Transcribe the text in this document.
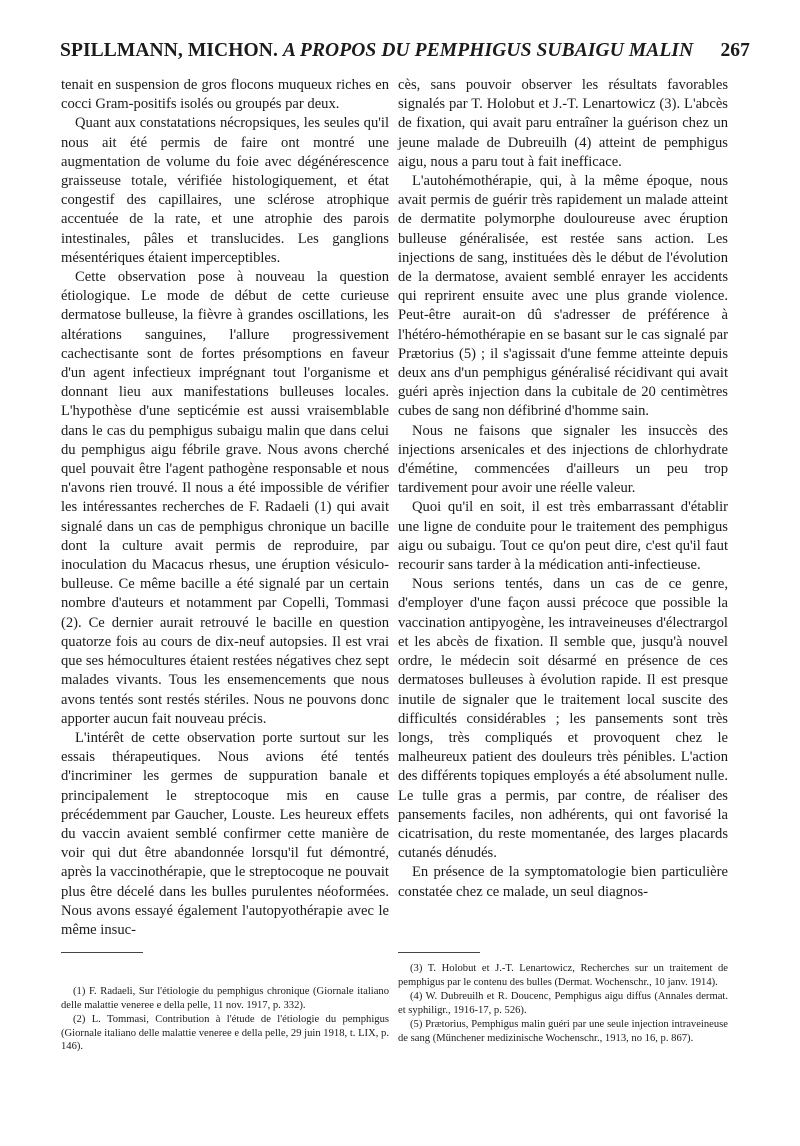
SPILLMANN, MICHON. A PROPOS DU PEMPHIGUS SUBAIGU MALIN 267

tenait en suspension de gros flocons muqueux riches en cocci Gram-positifs isolés ou groupés par deux.

Quant aux constatations nécropsiques, les seules qu'il nous ait été permis de faire ont montré une augmentation de volume du foie avec dégénérescence graisseuse totale, vérifiée histologiquement, et état congestif des capillaires, une sclérose atrophique accentuée de la rate, et une atrophie des parois intestinales, pâles et translucides. Les ganglions mésentériques étaient imperceptibles.

Cette observation pose à nouveau la question étiologique. Le mode de début de cette curieuse dermatose bulleuse, la fièvre à grandes oscillations, les altérations sanguines, l'allure progressivement cachectisante sont de fortes présomptions en faveur d'un agent infectieux imprégnant tout l'organisme et donnant lieu aux manifestations bulleuses locales. L'hypothèse d'une septicémie est aussi vraisemblable dans le cas du pemphigus subaigu malin que dans celui du pemphigus aigu fébrile grave. Nous avons cherché quel pouvait être l'agent pathogène responsable et nous n'avons rien trouvé. Il nous a été impossible de vérifier les intéressantes recherches de F. Radaeli (1) qui avait signalé dans un cas de pemphigus chronique un bacille dont la culture avait permis de reproduire, par inoculation du Macacus rhesus, une éruption vésiculo-bulleuse. Ce même bacille a été signalé par un certain nombre d'auteurs et notamment par Copelli, Tommasi (2). Ce dernier aurait retrouvé le bacille en question quatorze fois au cours de dix-neuf autopsies. Il est vrai que ses hémocultures étaient restées négatives chez sept malades vivants. Tous les ensemencements que nous avons tentés sont restés stériles. Nous ne pouvons donc apporter aucun fait nouveau précis.

L'intérêt de cette observation porte surtout sur les essais thérapeutiques. Nous avions été tentés d'incriminer les germes de suppuration banale et principalement le streptocoque mis en cause précédemment par Gaucher, Louste. Les heureux effets du vaccin avaient semblé confirmer cette manière de voir qui dut être abandonnée lorsqu'il fut démontré, après la vaccinothérapie, que le streptocoque ne pouvait plus être décelé dans les bulles purulentes néoformées. Nous avons essayé également l'autopyothérapie avec le même insuc-

cès, sans pouvoir observer les résultats favorables signalés par T. Holobut et J.-T. Lenartowicz (3). L'abcès de fixation, qui avait paru entraîner la guérison chez un jeune malade de Dubreuilh (4) atteint de pemphigus aigu, nous a paru tout à fait inefficace.

L'autohémothérapie, qui, à la même époque, nous avait permis de guérir très rapidement un malade atteint de dermatite polymorphe douloureuse avec éruption bulleuse généralisée, est restée sans action. Les injections de sang, instituées dès le début de l'évolution de la dermatose, avaient semblé enrayer les accidents qui reprirent ensuite avec une plus grande violence. Peut-être aurait-on dû s'adresser de préférence à l'hétéro-hémothérapie en se basant sur le cas signalé par Prætorius (5) ; il s'agissait d'une femme atteinte depuis deux ans d'un pemphigus généralisé récidivant qui avait guéri après injection dans la cubitale de 20 centimètres cubes de sang non défibriné d'homme sain.

Nous ne faisons que signaler les insuccès des injections arsenicales et des injections de chlorhydrate d'émétine, commencées d'ailleurs un peu trop tardivement pour avoir une réelle valeur.

Quoi qu'il en soit, il est très embarrassant d'établir une ligne de conduite pour le traitement des pemphigus aigu ou subaigu. Tout ce qu'on peut dire, c'est qu'il faut recourir sans tarder à la médication anti-infectieuse.

Nous serions tentés, dans un cas de ce genre, d'employer d'une façon aussi précoce que possible la vaccination antipyogène, les intraveineuses d'électrargol et les abcès de fixation. Il semble que, jusqu'à nouvel ordre, le médecin soit désarmé en présence de ces dermatoses bulleuses à évolution rapide. Il est presque inutile de signaler que le traitement local suscite des difficultés considérables ; les pansements sont très longs, très compliqués et provoquent chez le malheureux patient des douleurs très pénibles. L'action des différents topiques employés a été absolument nulle. Le tulle gras a permis, par contre, de réaliser des pansements faciles, non adhérents, qui ont favorisé la cicatrisation, du reste momentanée, des larges placards cutanés dénudés.

En présence de la symptomatologie bien particulière constatée chez ce malade, un seul diagnos-

(1) F. Radaeli, Sur l'étiologie du pemphigus chronique (Giornale italiano delle malattie veneree e della pelle, 11 nov. 1917, p. 332).

(2) L. Tommasi, Contribution à l'étude de l'étiologie du pemphigus (Giornale italiano delle malattie veneree e della pelle, 29 juin 1918, t. LIX, p. 146).

(3) T. Holobut et J.-T. Lenartowicz, Recherches sur un traitement de pemphigus par le contenu des bulles (Dermat. Wochenschr., 10 janv. 1914).

(4) W. Dubreuilh et R. Doucenc, Pemphigus aigu diffus (Annales dermat. et syphiligr., 1916-17, p. 526).

(5) Prætorius, Pemphigus malin guéri par une seule injection intraveineuse de sang (Münchener medizinische Wochenschr., 1913, no 16, p. 867).
